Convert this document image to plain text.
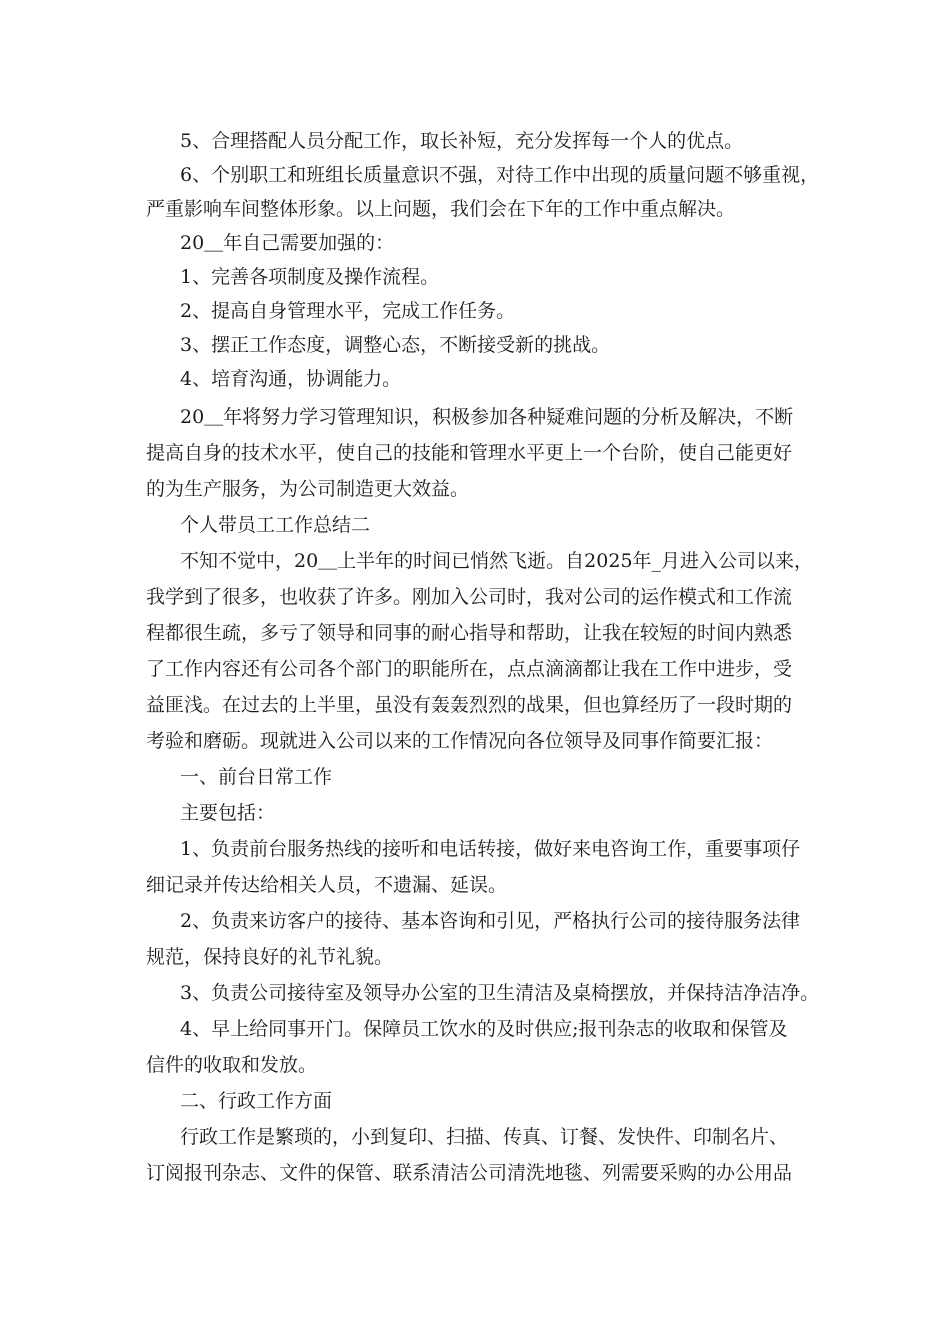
5、合理搭配人员分配工作，取长补短，充分发挥每一个人的优点。

6、个别职工和班组长质量意识不强，对待工作中出现的质量问题不够重视，

严重影响车间整体形象。以上问题，我们会在下年的工作中重点解决。

20＿年自己需要加强的：

1、完善各项制度及操作流程。

2、提高自身管理水平，完成工作任务。

3、摆正工作态度，调整心态，不断接受新的挑战。

4、培育沟通，协调能力。

20＿年将努力学习管理知识，积极参加各种疑难问题的分析及解决，不断

提高自身的技术水平，使自己的技能和管理水平更上一个台阶，使自己能更好

的为生产服务，为公司制造更大效益。

个人带员工工作总结二

不知不觉中，20＿上半年的时间已悄然飞逝。自2025年_月进入公司以来，

我学到了很多，也收获了许多。刚加入公司时，我对公司的运作模式和工作流

程都很生疏，多亏了领导和同事的耐心指导和帮助，让我在较短的时间内熟悉

了工作内容还有公司各个部门的职能所在，点点滴滴都让我在工作中进步，受

益匪浅。在过去的上半里，虽没有轰轰烈烈的战果，但也算经历了一段时期的

考验和磨砺。现就进入公司以来的工作情况向各位领导及同事作简要汇报：

一、前台日常工作

主要包括：

1、负责前台服务热线的接听和电话转接，做好来电咨询工作，重要事项仔

细记录并传达给相关人员，不遗漏、延误。

2、负责来访客户的接待、基本咨询和引见，严格执行公司的接待服务法律

规范，保持良好的礼节礼貌。

3、负责公司接待室及领导办公室的卫生清洁及桌椅摆放，并保持洁净洁净。

4、早上给同事开门。保障员工饮水的及时供应;报刊杂志的收取和保管及

信件的收取和发放。

二、行政工作方面

行政工作是繁琐的，小到复印、扫描、传真、订餐、发快件、印制名片、

订阅报刊杂志、文件的保管、联系清洁公司清洗地毯、列需要采购的办公用品
